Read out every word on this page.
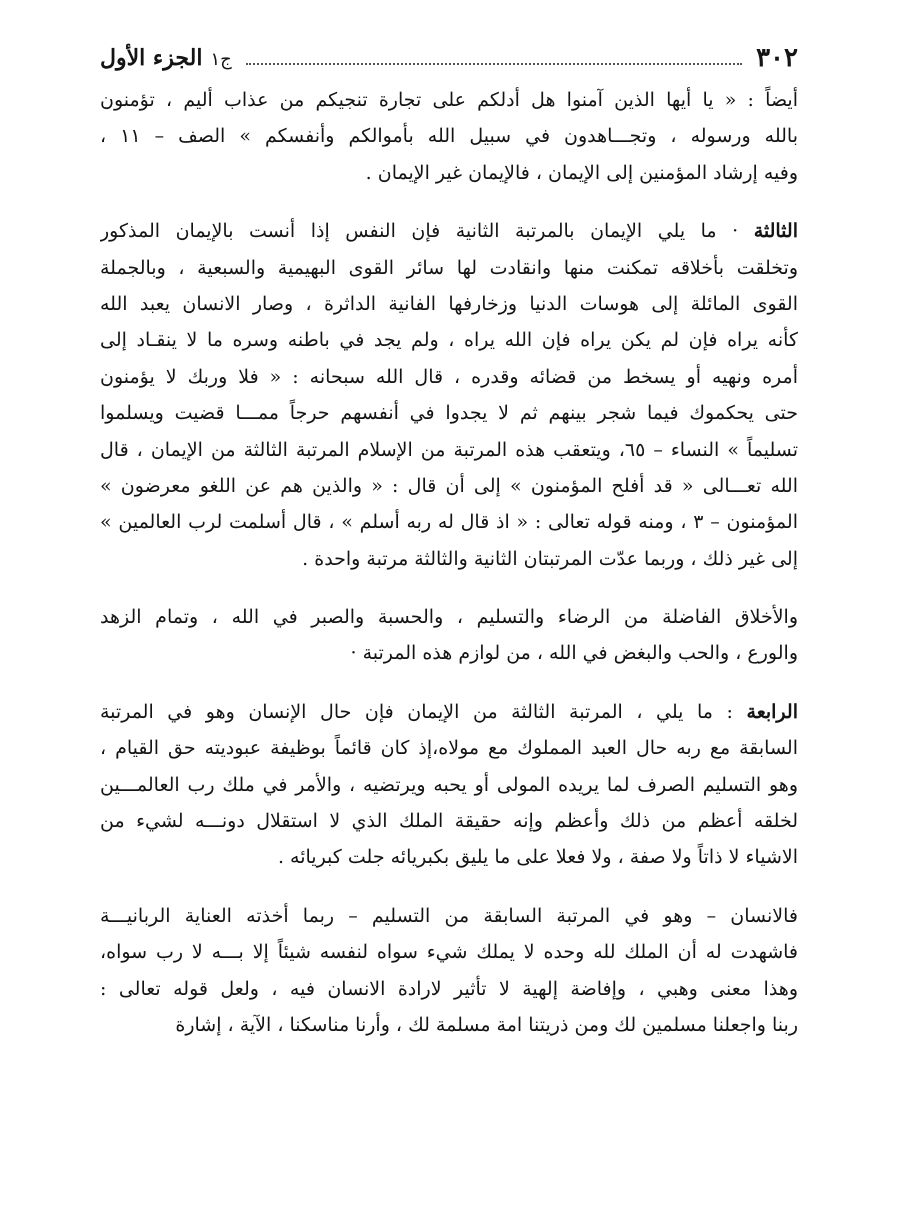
٣٠٢
ج١الجزء الأول
أيضاً : « يا أيها الذين آمنوا هل أدلكم على تجارة تنجيكم من عذاب أليم ، تؤمنون
بالله ورسوله ، وتجـــاهدون في سبيل الله بأموالكم وأنفسكم » الصف – ١١ ،
وفيه إرشاد المؤمنين إلى الإيمان ، فالإيمان غير الإيمان .
الثالثة · ما يلي الإيمان بالمرتبة الثانية فإن النفس إذا أنست بالإيمان المذكور
وتخلقت بأخلاقه تمكنت منها وانقادت لها سائر القوى البهيمية والسبعية ، وبالجملة
القوى المائلة إلى هوسات الدنيا وزخارفها الفانية الداثرة ، وصار الانسان يعبد الله
كأنه يراه فإن لم يكن يراه فإن الله يراه ، ولم يجد في باطنه وسره ما لا ينقـاد إلى
أمره ونهيه أو يسخط من قضائه وقدره ، قال الله سبحانه : « فلا وربك لا يؤمنون
حتى يحكموك فيما شجر بينهم ثم لا يجدوا في أنفسهم حرجاً ممـــا قضيت ويسلموا
تسليماً » النساء – ٦٥، ويتعقب هذه المرتبة من الإسلام المرتبة الثالثة من الإيمان ، قال
الله تعـــالى « قد أفلح المؤمنون » إلى أن قال : « والذين هم عن اللغو معرضون »
المؤمنون – ٣ ، ومنه قوله تعالى : « اذ قال له ربه أسلم » ، قال أسلمت لرب العالمين »
إلى غير ذلك ، وربما عدّت المرتبتان الثانية والثالثة مرتبة واحدة .
والأخلاق الفاضلة من الرضاء والتسليم ، والحسبة والصبر في الله ، وتمام الزهد
والورع ، والحب والبغض في الله ، من لوازم هذه المرتبة ·
الرابعة : ما يلي ، المرتبة الثالثة من الإيمان فإن حال الإنسان وهو في المرتبة
السابقة مع ربه حال العبد المملوك مع مولاه،إذ كان قائماً بوظيفة عبوديته حق القيام ،
وهو التسليم الصرف لما يريده المولى أو يحبه ويرتضيه ، والأمر في ملك رب العالمـــين
لخلقه أعظم من ذلك وأعظم وإنه حقيقة الملك الذي لا استقلال دونـــه لشيء من
الاشياء لا ذاتاً ولا صفة ، ولا فعلا على ما يليق بكبريائه جلت كبريائه .
فالانسان – وهو في المرتبة السابقة من التسليم – ربما أخذته العناية الربانيـــة
فاشهدت له أن الملك لله وحده لا يملك شيء سواه لنفسه شيئاً إلا بـــه لا رب سواه،
وهذا معنى وهبي ، وإفاضة إلهية لا تأثير لارادة الانسان فيه ، ولعل قوله تعالى :
ربنا واجعلنا مسلمين لك ومن ذريتنا امة مسلمة لك ، وأرنا مناسكنا ، الآية ، إشارة
